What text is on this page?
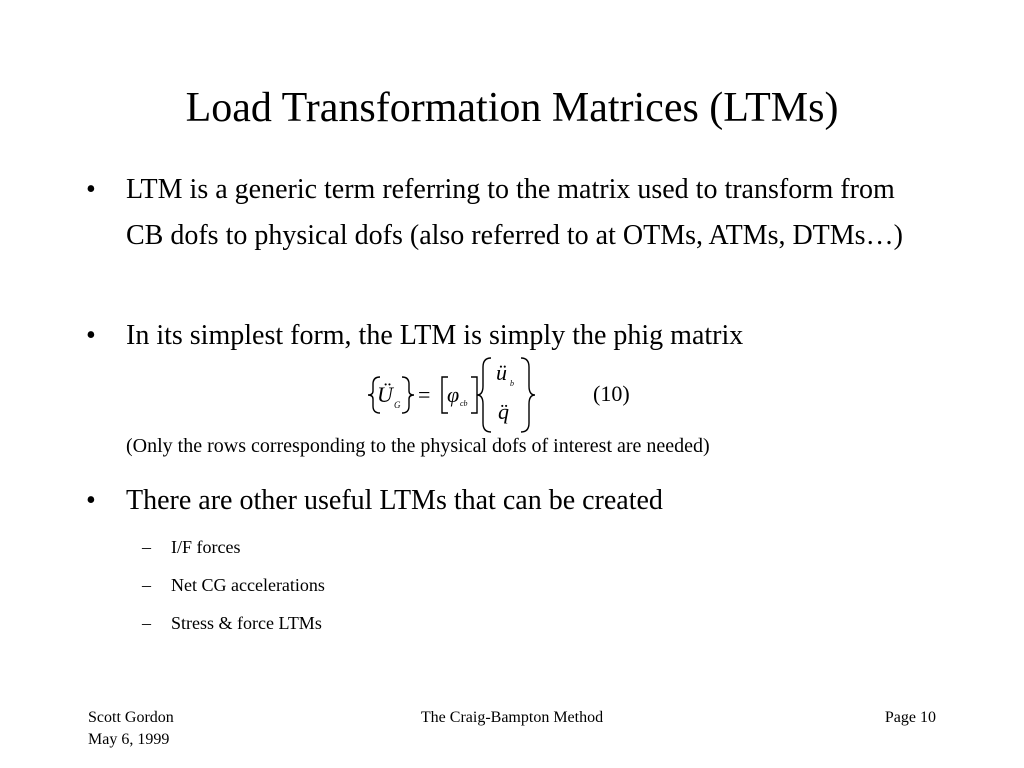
Load Transformation Matrices (LTMs)
•	LTM is a generic term referring to the matrix used to transform from CB dofs to physical dofs (also referred to at OTMs, ATMs, DTMs…)
•	In its simplest form, the LTM is simply the phig matrix
Ü G = φ cb
ü b
q̈
(10)
(Only the rows corresponding to the physical dofs of interest are needed)
•	There are other useful LTMs that can be created
– I/F forces
– Net CG accelerations
– Stress & force LTMs
Scott Gordon
May 6, 1999
The Craig-Bampton Method	Page 10
